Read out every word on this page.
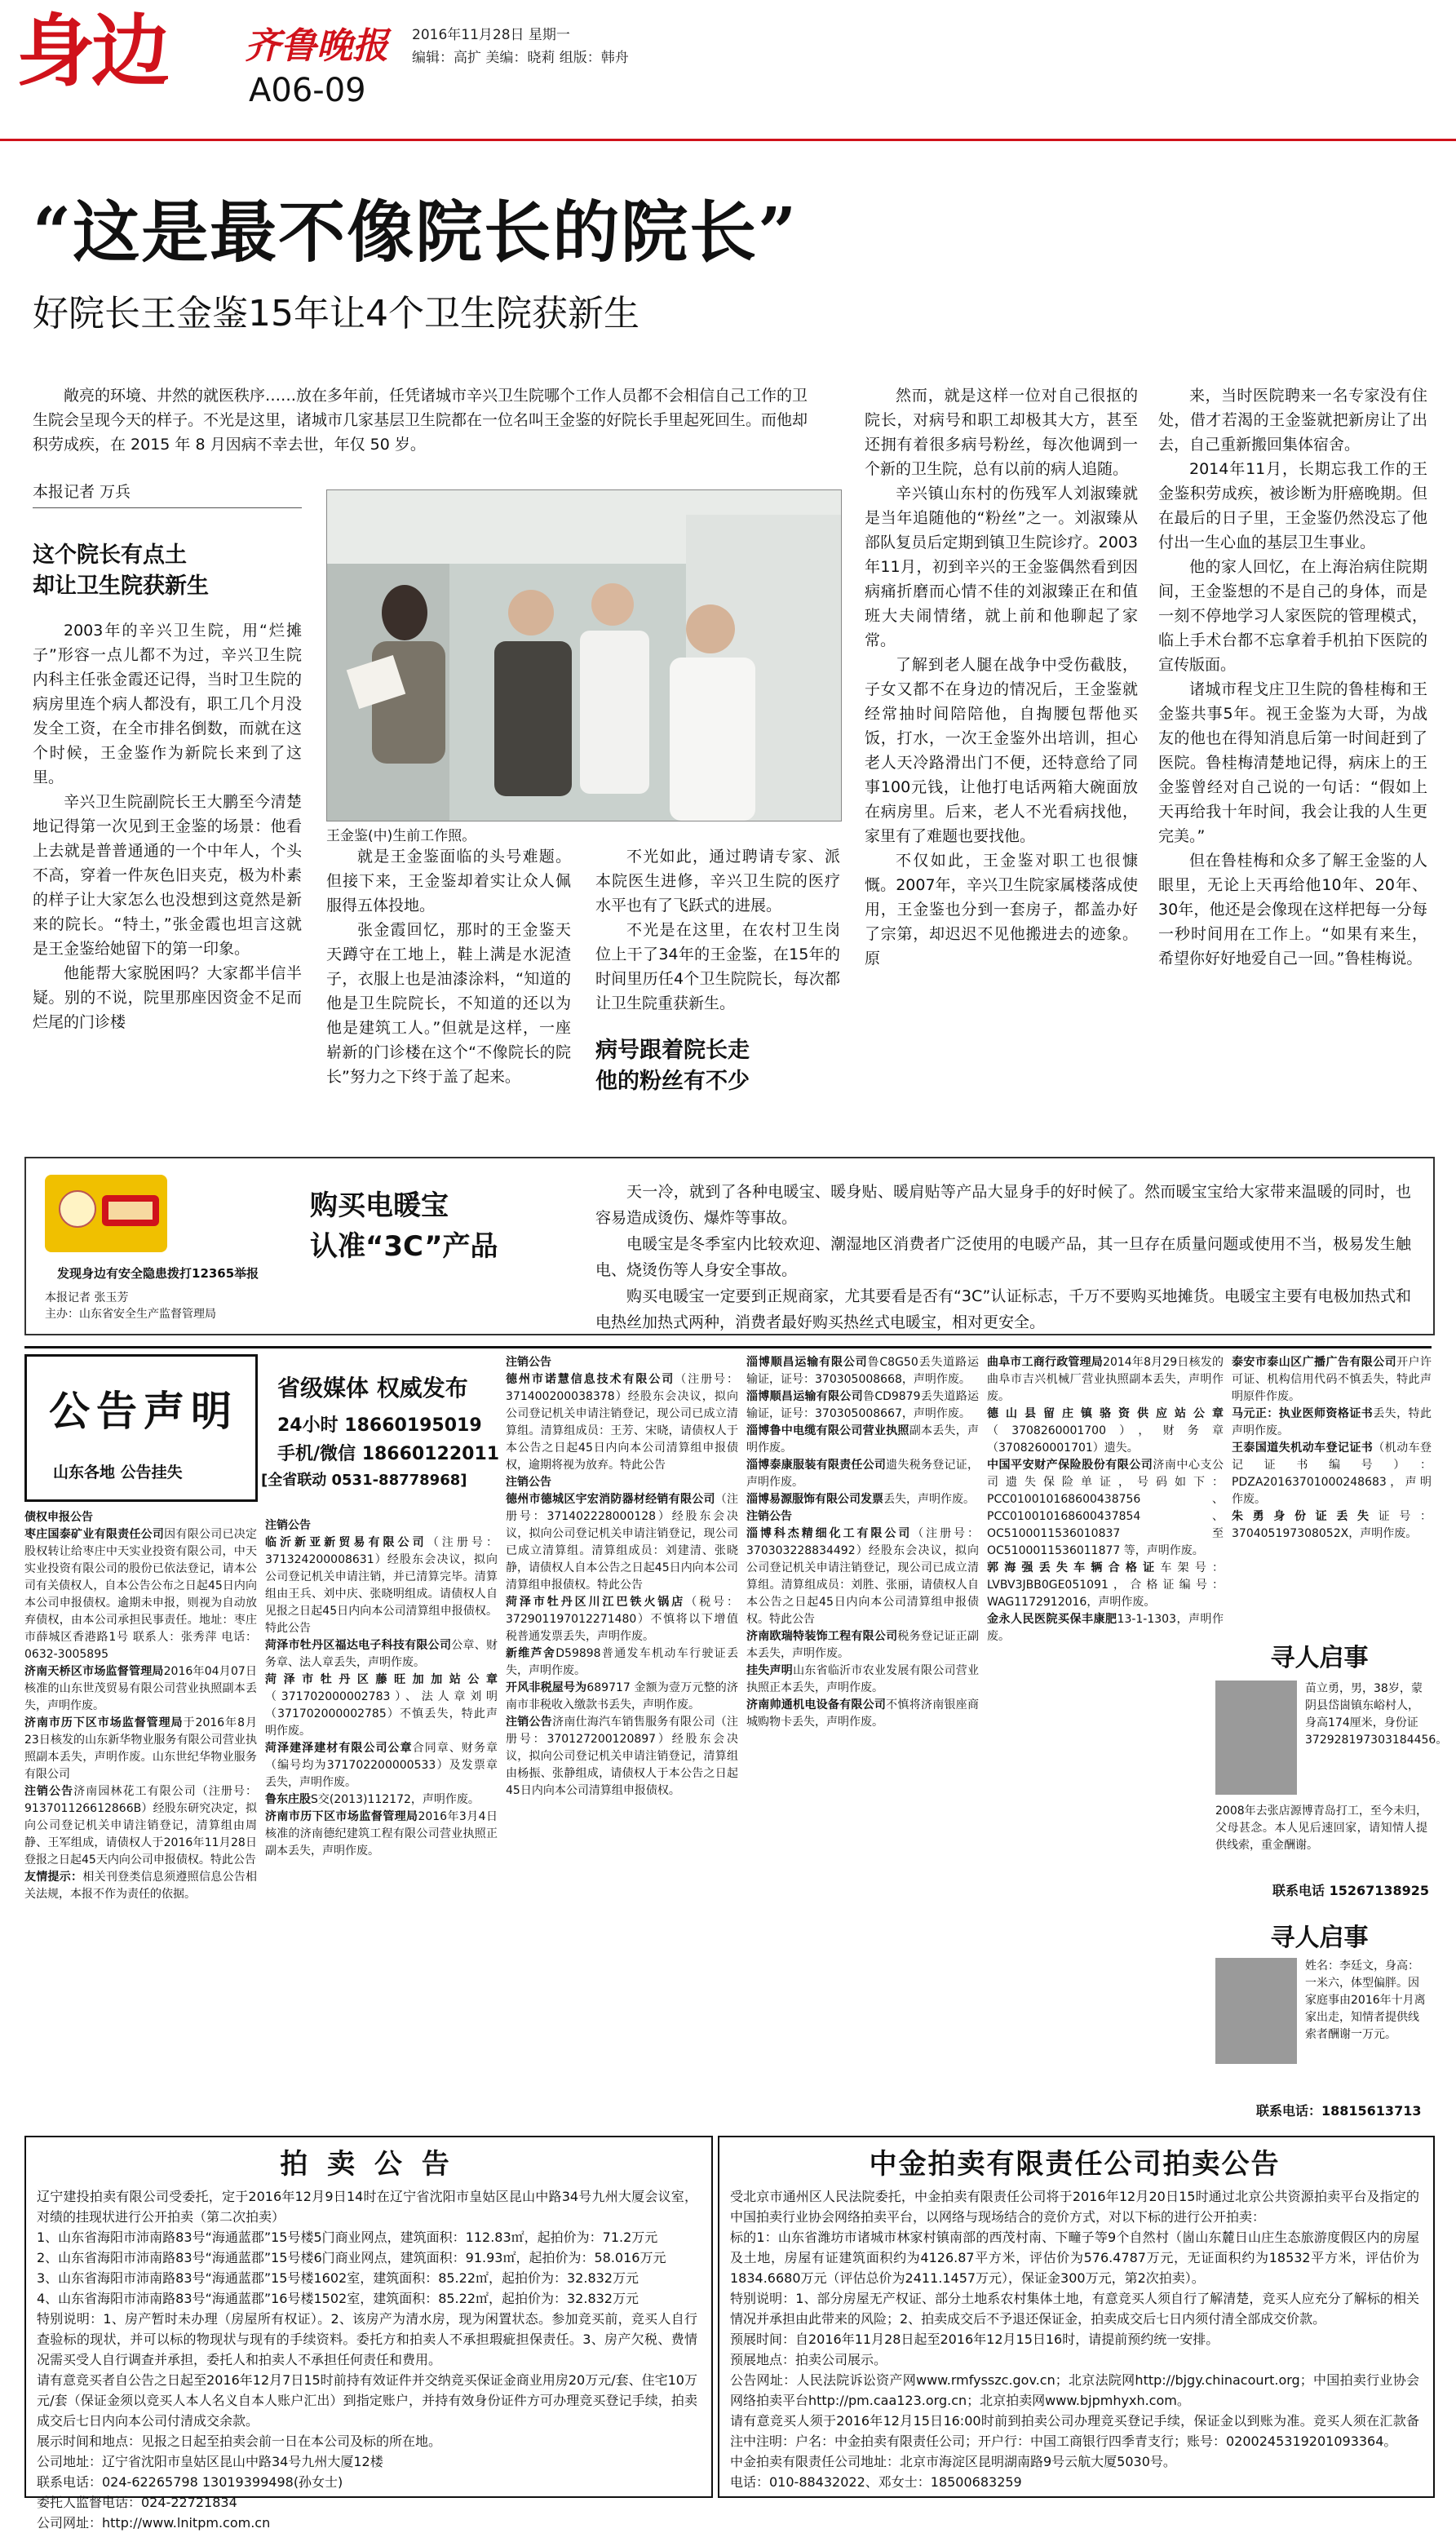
身边 齐鲁晚报
A06-09
2016年11月28日 星期一
编辑：高扩 美编：晓莉 组版：韩舟
“这是最不像院长的院长”
好院长王金鉴15年让4个卫生院获新生
敞亮的环境、井然的就医秩序……放在多年前，任凭诸城市辛兴卫生院哪个工作人员都不会相信自己工作的卫生院会呈现今天的样子。不光是这里，诸城市几家基层卫生院都在一位名叫王金鉴的好院长手里起死回生。而他却积劳成疾，在 2015 年 8 月因病不幸去世，年仅 50 岁。
本报记者 万兵
王金鉴(中)生前工作照。

这个院长有点土
却让卫生院获新生

2003年的辛兴卫生院，用“烂摊子”形容一点儿都不为过，辛兴卫生院内科主任张金霞还记得，当时卫生院的病房里连个病人都没有，职工几个月没发全工资，在全市排名倒数，而就在这个时候，王金鉴作为新院长来到了这里。

辛兴卫生院副院长王大鹏至今清楚地记得第一次见到王金鉴的场景：他看上去就是普普通通的一个中年人，个头不高，穿着一件灰色旧夹克，极为朴素的样子让大家怎么也没想到这竟然是新来的院长。“特土，”张金霞也坦言这就是王金鉴给她留下的第一印象。

他能帮大家脱困吗？大家都半信半疑。别的不说，院里那座因资金不足而烂尾的门诊楼

就是王金鉴面临的头号难题。但接下来，王金鉴却着实让众人佩服得五体投地。

张金霞回忆，那时的王金鉴天天蹲守在工地上，鞋上满是水泥渣子，衣服上也是油漆涂料，“知道的他是卫生院院长，不知道的还以为他是建筑工人。”但就是这样，一座崭新的门诊楼在这个“不像院长的院长”努力之下终于盖了起来。

不光如此，通过聘请专家、派本院医生进修，辛兴卫生院的医疗水平也有了飞跃式的进展。

不光是在这里，在农村卫生岗位上干了34年的王金鉴，在15年的时间里历任4个卫生院院长，每次都让卫生院重获新生。

病号跟着院长走
他的粉丝有不少

然而，就是这样一位对自己很抠的院长，对病号和职工却极其大方，甚至还拥有着很多病号粉丝，每次他调到一个新的卫生院，总有以前的病人追随。

辛兴镇山东村的伤残军人刘淑臻就是当年追随他的“粉丝”之一。刘淑臻从部队复员后定期到镇卫生院诊疗。2003年11月，初到辛兴的王金鉴偶然看到因病痛折磨而心情不佳的刘淑臻正在和值班大夫闹情绪，就上前和他聊起了家常。

了解到老人腿在战争中受伤截肢，子女又都不在身边的情况后，王金鉴就经常抽时间陪陪他，自掏腰包帮他买饭，打水，一次王金鉴外出培训，担心老人天冷路滑出门不便，还特意给了同事100元钱，让他打电话两箱大碗面放在病房里。后来，老人不光看病找他，家里有了难题也要找他。

不仅如此，王金鉴对职工也很慷慨。2007年，辛兴卫生院家属楼落成使用，王金鉴也分到一套房子，都盖办好了宗第，却迟迟不见他搬进去的迹象。原

来，当时医院聘来一名专家没有住处，借才若渴的王金鉴就把新房让了出去，自己重新搬回集体宿舍。

2014年11月，长期忘我工作的王金鉴积劳成疾，被诊断为肝癌晚期。但在最后的日子里，王金鉴仍然没忘了他付出一生心血的基层卫生事业。

他的家人回忆，在上海治病住院期间，王金鉴想的不是自己的身体，而是一刻不停地学习人家医院的管理模式，临上手术台都不忘拿着手机拍下医院的宣传版面。

诸城市程戈庄卫生院的鲁桂梅和王金鉴共事5年。视王金鉴为大哥，为战友的他也在得知消息后第一时间赶到了医院。鲁桂梅清楚地记得，病床上的王金鉴曾经对自己说的一句话：“假如上天再给我十年时间，我会让我的人生更完美。”

但在鲁桂梅和众多了解王金鉴的人眼里，无论上天再给他10年、20年、30年，他还是会像现在这样把每一分每一秒时间用在工作上。“如果有来生，希望你好好地爱自己一回。”鲁桂梅说。

发现身边有安全隐患拨打12365举报
本报记者 张玉芳
主办：山东省安全生产监督管理局
购买电暖宝
认准“3C”产品
天一冷，就到了各种电暖宝、暖身贴、暖肩贴等产品大显身手的好时候了。然而暖宝宝给大家带来温暖的同时，也容易造成烫伤、爆炸等事故。
电暖宝是冬季室内比较欢迎、潮湿地区消费者广泛使用的电暖产品，其一旦存在质量问题或使用不当，极易发生触电、烧烫伤等人身安全事故。
购买电暖宝一定要到正规商家，尤其要看是否有“3C”认证标志，千万不要购买地摊货。电暖宝主要有电极加热式和电热丝加热式两种，消费者最好购买热丝式电暖宝，相对更安全。
公告声明
山东各地 公告挂失
省级媒体 权威发布
24小时 18660195019
手机/微信 18660122011
[全省联动 0531-88778968]
债权申报公告
枣庄国泰矿业有限责任公司因有限公司已决定股权转让给枣庄中天实业投资有限公司，中天实业投资有限公司的股份已依法登记，请本公司有关债权人，自本公告公布之日起45日内向本公司申报债权。逾期未申报，则视为自动放弃债权，由本公司承担民事责任。地址：枣庄市薛城区香港路1号 联系人：张秀萍 电话：0632-3005895
济南天桥区市场监督管理局2016年04月07日核准的山东世茂贸易有限公司营业执照副本丢失，声明作废。
济南市历下区市场监督管理局于2016年8月23日核发的山东新华物业服务有限公司营业执照副本丢失，声明作废。山东世纪华物业服务有限公司
注销公告济南园林花工有限公司（注册号：913701126612866B）经股东研究决定，拟向公司登记机关申请注销登记，清算组由周静、王军组成，请债权人于2016年11月28日登报之日起45天内向公司申报债权。特此公告
友情提示：相关刊登类信息须遵照信息公告相关法规，本报不作为责任的依据。
注销公告
临沂新亚新贸易有限公司（注册号：371324200008631）经股东会决议，拟向公司登记机关申请注销，并已清算完毕。清算组由王兵、刘中庆、张晓明组成。请债权人自见报之日起45日内向本公司清算组申报债权。特此公告
菏泽市牡丹区福达电子科技有限公司公章、财务章、法人章丢失，声明作废。
菏泽市牡丹区藤旺加加站公章（371702000002783）、法人章刘明（371702000002785）不慎丢失，特此声明作废。
菏泽建泽建材有限公司公章合同章、财务章（编号均为371702200000533）及发票章丢失，声明作废。
鲁东庄股S交(2013)112172，声明作废。
济南市历下区市场监督管理局2016年3月4日核准的济南德纪建筑工程有限公司营业执照正副本丢失，声明作废。
注销公告
德州市诺慧信息技术有限公司（注册号：371400200038378）经股东会决议，拟向公司登记机关申请注销登记，现公司已成立清算组。清算组成员：王芳、宋晓，请债权人于本公告之日起45日内向本公司清算组申报债权，逾期将视为放弃。特此公告
注销公告
德州市德城区宇宏消防器材经销有限公司（注册号：371402228000128）经股东会决议，拟向公司登记机关申请注销登记，现公司已成立清算组。清算组成员：刘建清、张晓静，请债权人自本公告之日起45日内向本公司清算组申报债权。特此公告
菏泽市牡丹区川江巴铁火锅店（税号：372901197012271480）不慎将以下增值税普通发票丢失，声明作废。
新维芦舍D59898普通发车机动车行驶证丢失，声明作废。
开风非税屋号为689717 金额为壹万元整的济南市非税收入缴款书丢失，声明作废。
注销公告济南仕海汽车销售服务有限公司（注册号：370127200120897）经股东会决议，拟向公司登记机关申请注销登记，清算组由杨振、张静组成，请债权人于本公告之日起45日内向本公司清算组申报债权。
淄博顺昌运输有限公司鲁C8G50丢失道路运输证，证号：370305008668，声明作废。
淄博顺昌运输有限公司鲁CD9879丢失道路运输证，证号：370305008667，声明作废。
淄博鲁中电缆有限公司营业执照副本丢失，声明作废。
淄博泰康服装有限责任公司遗失税务登记证，声明作废。
淄博易源服饰有限公司发票丢失，声明作废。
注销公告
淄博科杰精细化工有限公司（注册号：370303228834492）经股东会决议，拟向公司登记机关申请注销登记，现公司已成立清算组。清算组成员：刘胜、张丽，请债权人自本公告之日起45日内向本公司清算组申报债权。特此公告
济南欧瑞特装饰工程有限公司税务登记证正副本丢失，声明作废。
挂失声明山东省临沂市农业发展有限公司营业执照正本丢失，声明作废。
济南帅通机电设备有限公司不慎将济南银座商城购物卡丢失，声明作废。
曲阜市工商行政管理局2014年8月29日核发的曲阜市吉兴机械厂营业执照副本丢失，声明作废。
德山县留庄镇骆资供应站公章（3708260001700），财务章（3708260001701）遗失。
中国平安财产保险股份有限公司济南中心支公司遗失保险单证，号码如下：PCC010010168600438756、PCC010010168600437854、OC5100011536010837 至 OC5100011536011877 等，声明作废。
郭海强丢失车辆合格证车架号：LVBV3JBB0GE051091，合格证编号：WAG1172912016，声明作废。
金永人民医院买保丰康肥13-1-1303，声明作废。
泰安市泰山区广播广告有限公司开户许可证、机构信用代码不慎丢失，特此声明原件作废。
马元正：执业医师资格证书丢失，特此声明作废。
王泰国道失机动车登记证书（机动车登记证书编号）：PDZA20163701000248683，声明作废。
朱勇身份证丢失证号：370405197308052X，声明作废。
寻人启事
苗立勇，男，38岁，蒙阴县岱崮镇东峪村人，身高174厘米，身份证372928197303184456。
2008年去张店源博青岛打工，至今未归，父母甚念。本人见后速回家，请知情人提供线索，重金酬谢。
联系电话 15267138925
寻人启事
姓名：李廷文，身高：一米六，体型偏胖。因家庭事由2016年十月离家出走，知情者提供线索者酬谢一万元。
联系电话：18815613713
拍 卖 公 告

辽宁建投拍卖有限公司受委托，定于2016年12月9日14时在辽宁省沈阳市皇姑区昆山中路34号九州大厦会议室，对绩的挂现状进行公开拍卖（第二次拍卖）

1、山东省海阳市沛南路83号“海通蓝郡”15号楼5门商业网点，建筑面积：112.83㎡，起拍价为：71.2万元

2、山东省海阳市沛南路83号“海通蓝郡”15号楼6门商业网点，建筑面积：91.93㎡，起拍价为：58.016万元

3、山东省海阳市沛南路83号“海通蓝郡”15号楼1602室，建筑面积：85.22㎡，起拍价为：32.832万元

4、山东省海阳市沛南路83号“海通蓝郡”16号楼1502室，建筑面积：85.22㎡，起拍价为：32.832万元

特别说明：1、房产暂时未办理（房屋所有权证）。2、该房产为清水房，现为闲置状态。参加竞买前，竞买人自行查验标的现状，并可以标的物现状与现有的手续资料。委托方和拍卖人不承担瑕疵担保责任。3、房产欠税、费情况需买受人自行调查并承担，委托人和拍卖人不承担任何责任和费用。

请有意竞买者自公告之日起至2016年12月7日15时前持有效证件并交纳竞买保证金商业用房20万元/套、住宅10万元/套（保证金须以竞买人本人名义自本人账户汇出）到指定账户，并持有效身份证件方可办理竞买登记手续，拍卖成交后七日内向本公司付清成交余款。

展示时间和地点：见报之日起至拍卖会前一日在本公司及标的所在地。

公司地址：辽宁省沈阳市皇姑区昆山中路34号九州大厦12楼

联系电话：024-62265798 13019399498(孙女士)

委托人监督电话：024-22721834

公司网址：http://www.lnitpm.com.cn

中金拍卖有限责任公司拍卖公告

受北京市通州区人民法院委托，中金拍卖有限责任公司将于2016年12月20日15时通过北京公共资源拍卖平台及指定的中国拍卖行业协会网络拍卖平台，以网络与现场结合的竞价方式，对以下标的进行公开拍卖：

标的1：山东省潍坊市诸城市林家村镇南部的西茂村南、下疃子等9个自然村（崮山东麓日山庄生态旅游度假区内的房屋及土地，房屋有证建筑面积约为4126.87平方米，评估价为576.4787万元，无证面积约为18532平方米，评估价为1834.6680万元（评估总价为2411.1457万元），保证金300万元，第2次拍卖）。

特别说明：1、部分房屋无产权证、部分土地系农村集体土地，有意竞买人须自行了解清楚，竞买人应充分了解标的相关情况并承担由此带来的风险；2、拍卖成交后不予退还保证金，拍卖成交后七日内须付清全部成交价款。

预展时间：自2016年11月28日起至2016年12月15日16时，请提前预约统一安排。

预展地点：拍卖公司展示。

公告网址：人民法院诉讼资产网www.rmfysszc.gov.cn；北京法院网http://bjgy.chinacourt.org；中国拍卖行业协会网络拍卖平台http://pm.caa123.org.cn；北京拍卖网www.bjpmhyxh.com。

请有意竞买人须于2016年12月15日16:00时前到拍卖公司办理竞买登记手续，保证金以到账为准。竞买人须在汇款备注中注明：户名：中金拍卖有限责任公司；开户行：中国工商银行四季青支行；账号：0200245319201093364。

中金拍卖有限责任公司地址：北京市海淀区昆明湖南路9号云航大厦5030号。

电话：010-88432022、邓女士：18500683259
